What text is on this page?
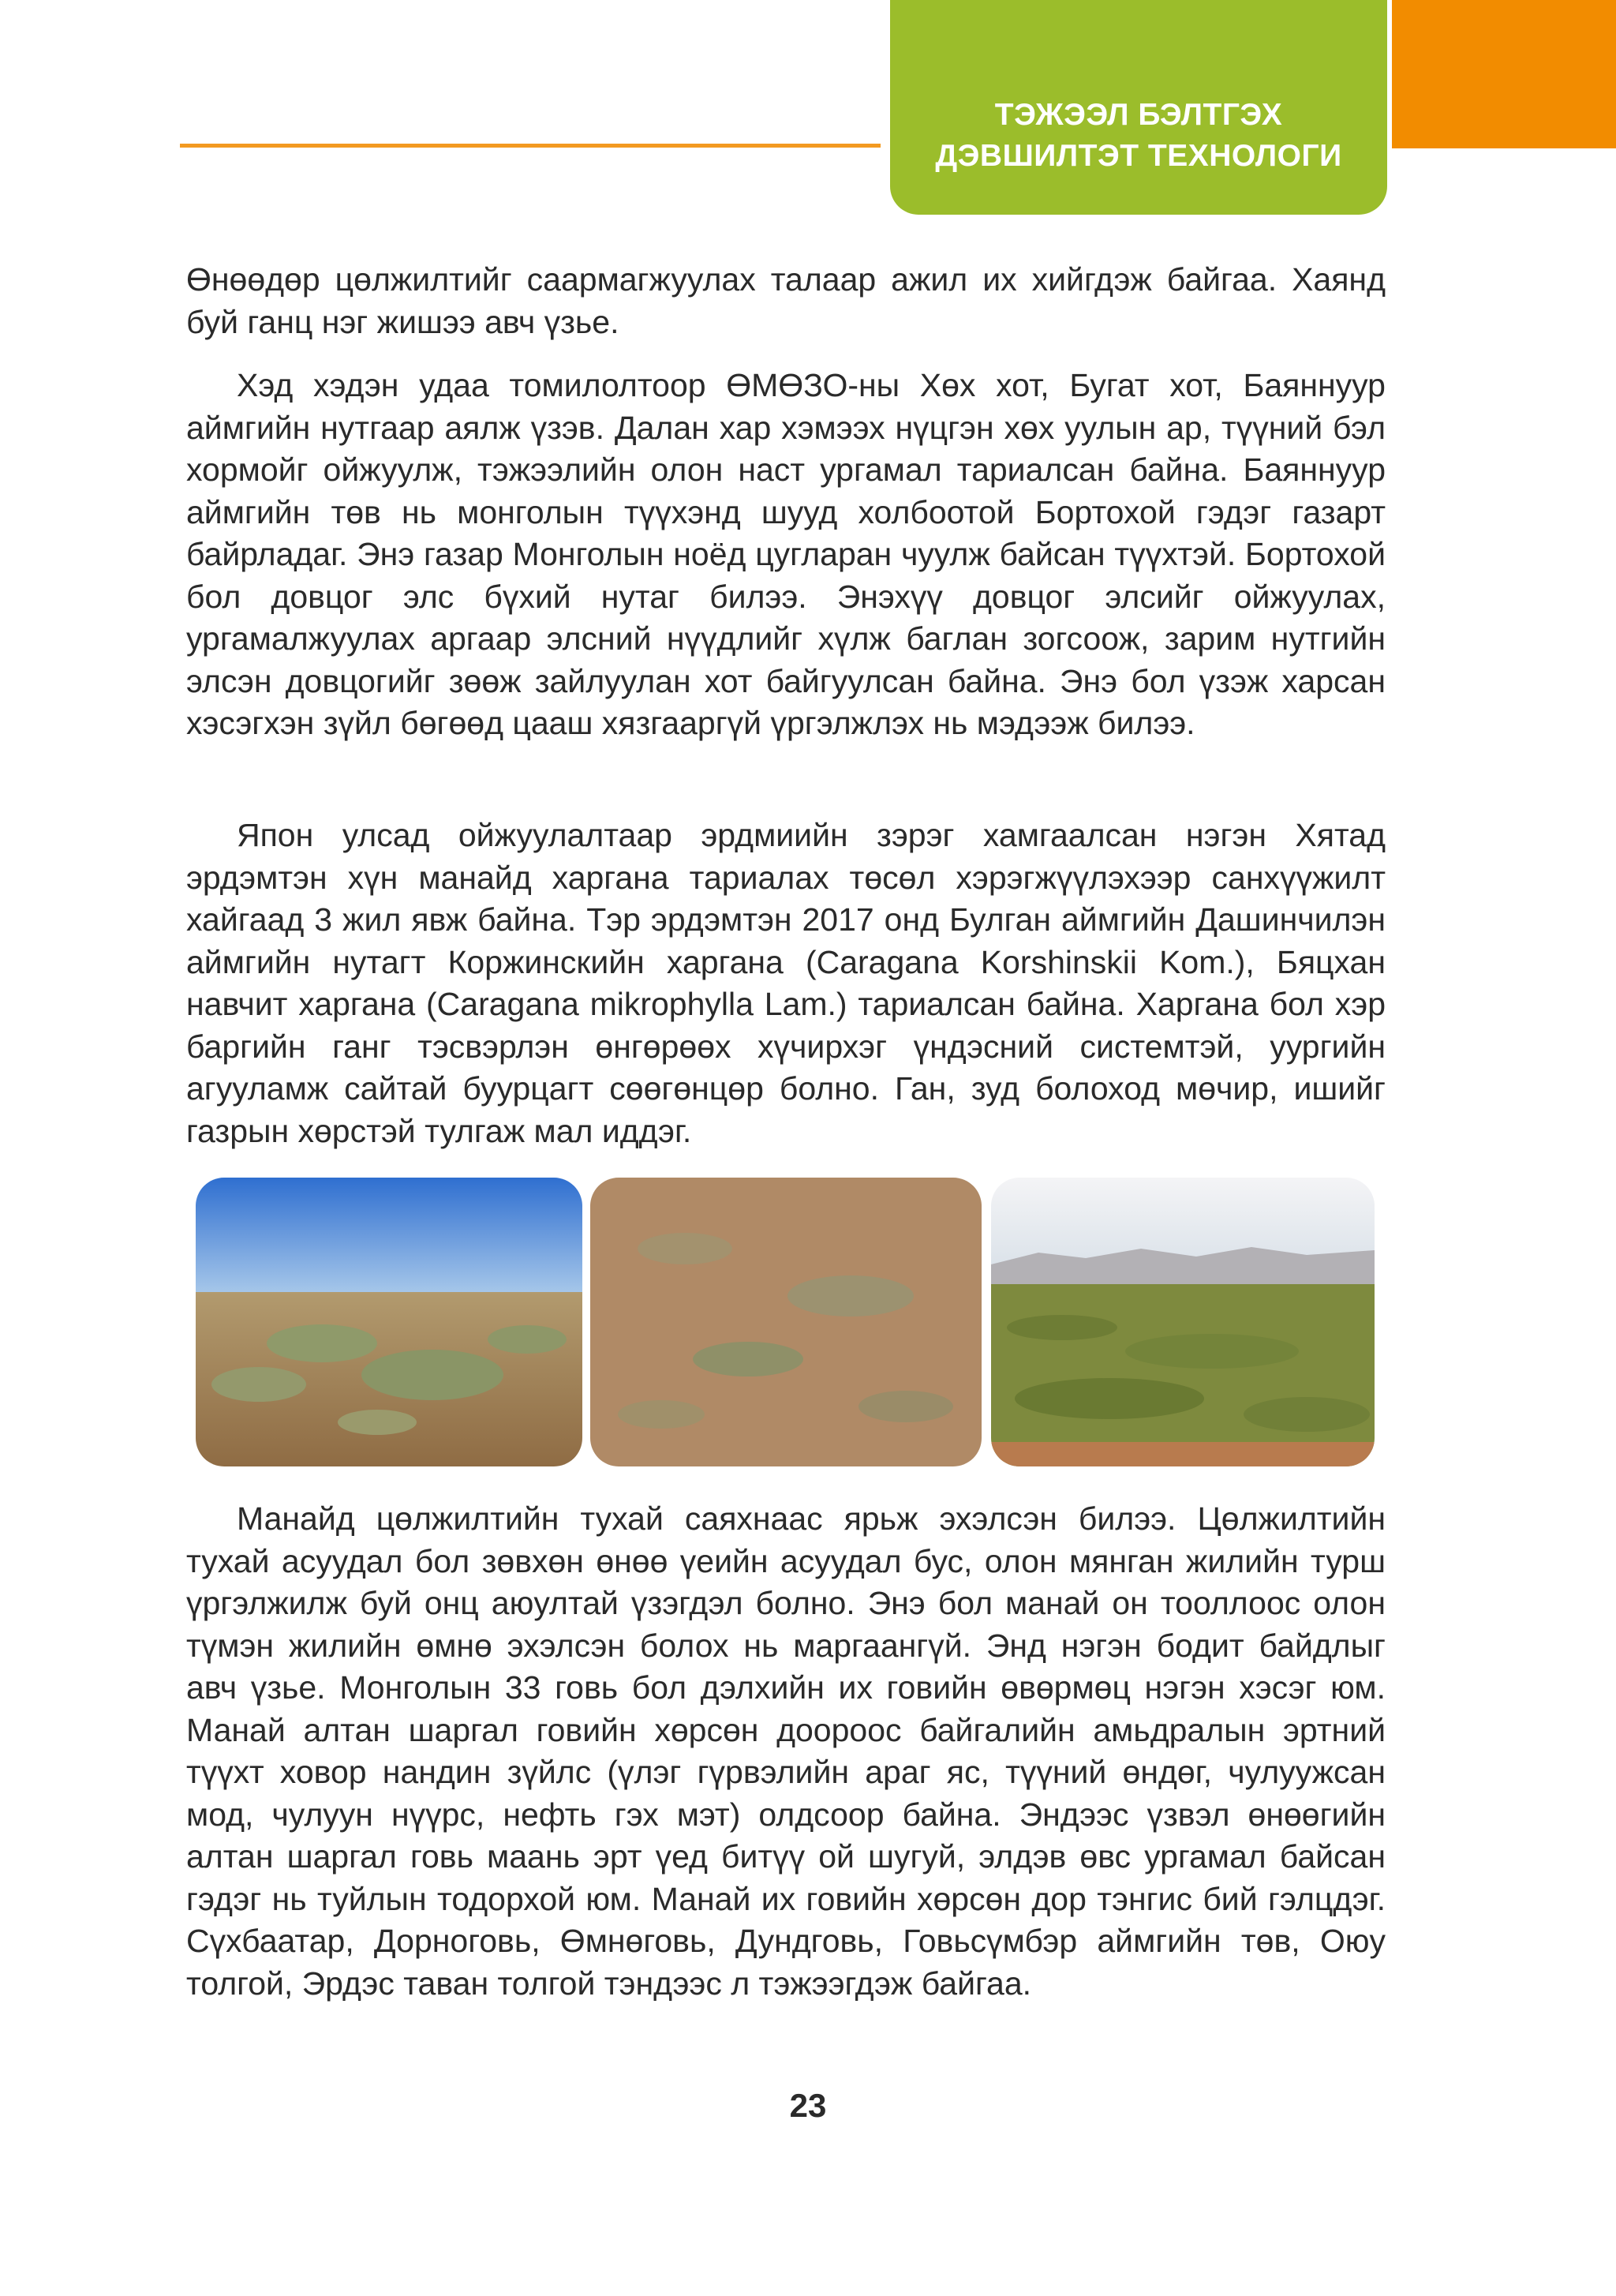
ТЭЖЭЭЛ БЭЛТГЭХ
ДЭВШИЛТЭТ ТЕХНОЛОГИ

Өнөөдөр цөлжилтийг саармагжуулах талаар ажил их хийгдэж байгаа. Хаянд буй ганц нэг жишээ авч үзье.

Хэд хэдэн удаа томилолтоор ӨМӨЗО-ны Хөх хот, Бугат хот, Баяннуур аймгийн нутгаар аялж үзэв. Далан хар хэмээх нүцгэн хөх уулын ар, түүний бэл хормойг ойжуулж, тэжээлийн олон наст ургамал тариалсан байна. Баяннуур аймгийн төв нь монголын түүхэнд шууд холбоотой Бортохой гэдэг газарт байрладаг. Энэ газар Монголын ноёд цугларан чуулж байсан түүхтэй. Бортохой бол довцог элс бүхий нутаг билээ. Энэхүү довцог элсийг ойжуулах, ургамалжуулах аргаар элсний нүүдлийг хүлж баглан зогсоож, зарим нутгийн элсэн довцогийг зөөж зайлуулан хот байгуулсан байна. Энэ бол үзэж харсан хэсэгхэн зүйл бөгөөд цааш хязгааргүй үргэлжлэх нь мэдээж билээ.

Япон улсад ойжуулалтаар эрдмиийн зэрэг хамгаалсан нэгэн Хятад эрдэмтэн хүн манайд харгана тариалах төсөл хэрэгжүүлэхээр санхүүжилт хайгаад 3 жил явж байна. Тэр эрдэмтэн 2017 онд Булган аймгийн Дашинчилэн аймгийн нутагт Коржинскийн харгана (Caragana Korshinskii Kom.), Бяцхан навчит харгана (Caragana mikrophylla Lam.) тариалсан байна. Харгана бол хэр баргийн ганг тэсвэрлэн өнгөрөөх хүчирхэг үндэсний системтэй, уургийн агууламж сайтай буурцагт сөөгөнцөр болно. Ган, зуд болоход мөчир, ишийг газрын хөрстэй тулгаж мал иддэг.

Манайд цөлжилтийн тухай саяхнаас ярьж эхэлсэн билээ. Цөлжилтийн тухай асуудал бол зөвхөн өнөө үеийн асуудал бус, олон мянган жилийн турш үргэлжилж буй онц аюултай үзэгдэл болно. Энэ бол манай он тооллоос олон түмэн жилийн өмнө эхэлсэн болох нь маргаангүй. Энд нэгэн бодит байдлыг авч үзье. Монголын 33 говь бол дэлхийн их говийн өвөрмөц нэгэн хэсэг юм. Манай алтан шаргал говийн хөрсөн доороос байгалийн амьдралын эртний түүхт ховор нандин зүйлс (үлэг гүрвэлийн араг яс, түүний өндөг, чулуужсан мод, чулуун нүүрс, нефть гэх мэт) олдсоор байна. Эндээс үзвэл өнөөгийн алтан шаргал говь маань эрт үед битүү ой шугуй, элдэв өвс ургамал байсан гэдэг нь туйлын тодорхой юм. Манай их говийн хөрсөн дор тэнгис бий гэлцдэг. Сүхбаатар, Дорноговь, Өмнөговь, Дундговь, Говьсүмбэр аймгийн төв, Оюу толгой, Эрдэс таван толгой тэндээс л тэжээгдэж байгаа.

23
